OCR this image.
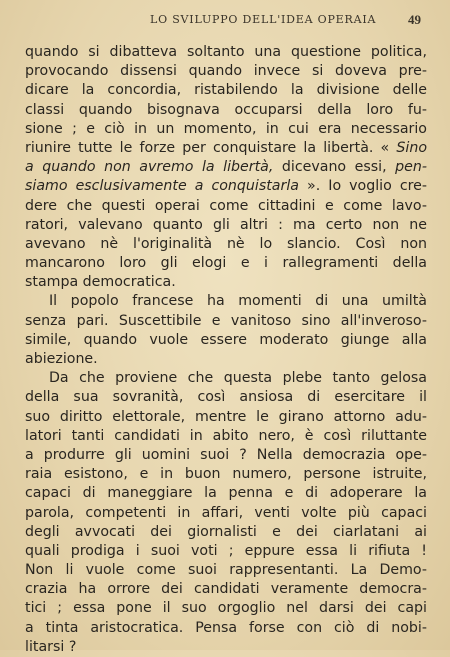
LO SVILUPPO DELL'IDEA OPERAIA 49
quando si dibatteva soltanto una questione politica,
provocando dissensi quando invece si doveva pre-
dicare la concordia, ristabilendo la divisione delle
classi quando bisognava occuparsi della loro fu-
sione ; e ciò in un momento, in cui era necessario
riunire tutte le forze per conquistare la libertà. « Sino
a quando non avremo la libertà, dicevano essi, pen-
siamo esclusivamente a conquistarla ». Io voglio cre-
dere che questi operai come cittadini e come lavo-
ratori, valevano quanto gli altri : ma certo non ne
avevano nè l'originalità nè lo slancio. Così non
mancarono loro gli elogi e i rallegramenti della
stampa democratica.
Il popolo francese ha momenti di una umiltà
senza pari. Suscettibile e vanitoso sino all'inveroso-
simile, quando vuole essere moderato giunge alla
abiezione.
Da che proviene che questa plebe tanto gelosa
della sua sovranità, così ansiosa di esercitare il
suo diritto elettorale, mentre le girano attorno adu-
latori tanti candidati in abito nero, è così riluttante
a produrre gli uomini suoi ? Nella democrazia ope-
raia esistono, e in buon numero, persone istruite,
capaci di maneggiare la penna e di adoperare la
parola, competenti in affari, venti volte più capaci
degli avvocati dei giornalisti e dei ciarlatani ai
quali prodiga i suoi voti ; eppure essa li rifiuta !
Non li vuole come suoi rappresentanti. La Demo-
crazia ha orrore dei candidati veramente democra-
tici ; essa pone il suo orgoglio nel darsi dei capi
a tinta aristocratica. Pensa forse con ciò di nobi-
litarsi ?
